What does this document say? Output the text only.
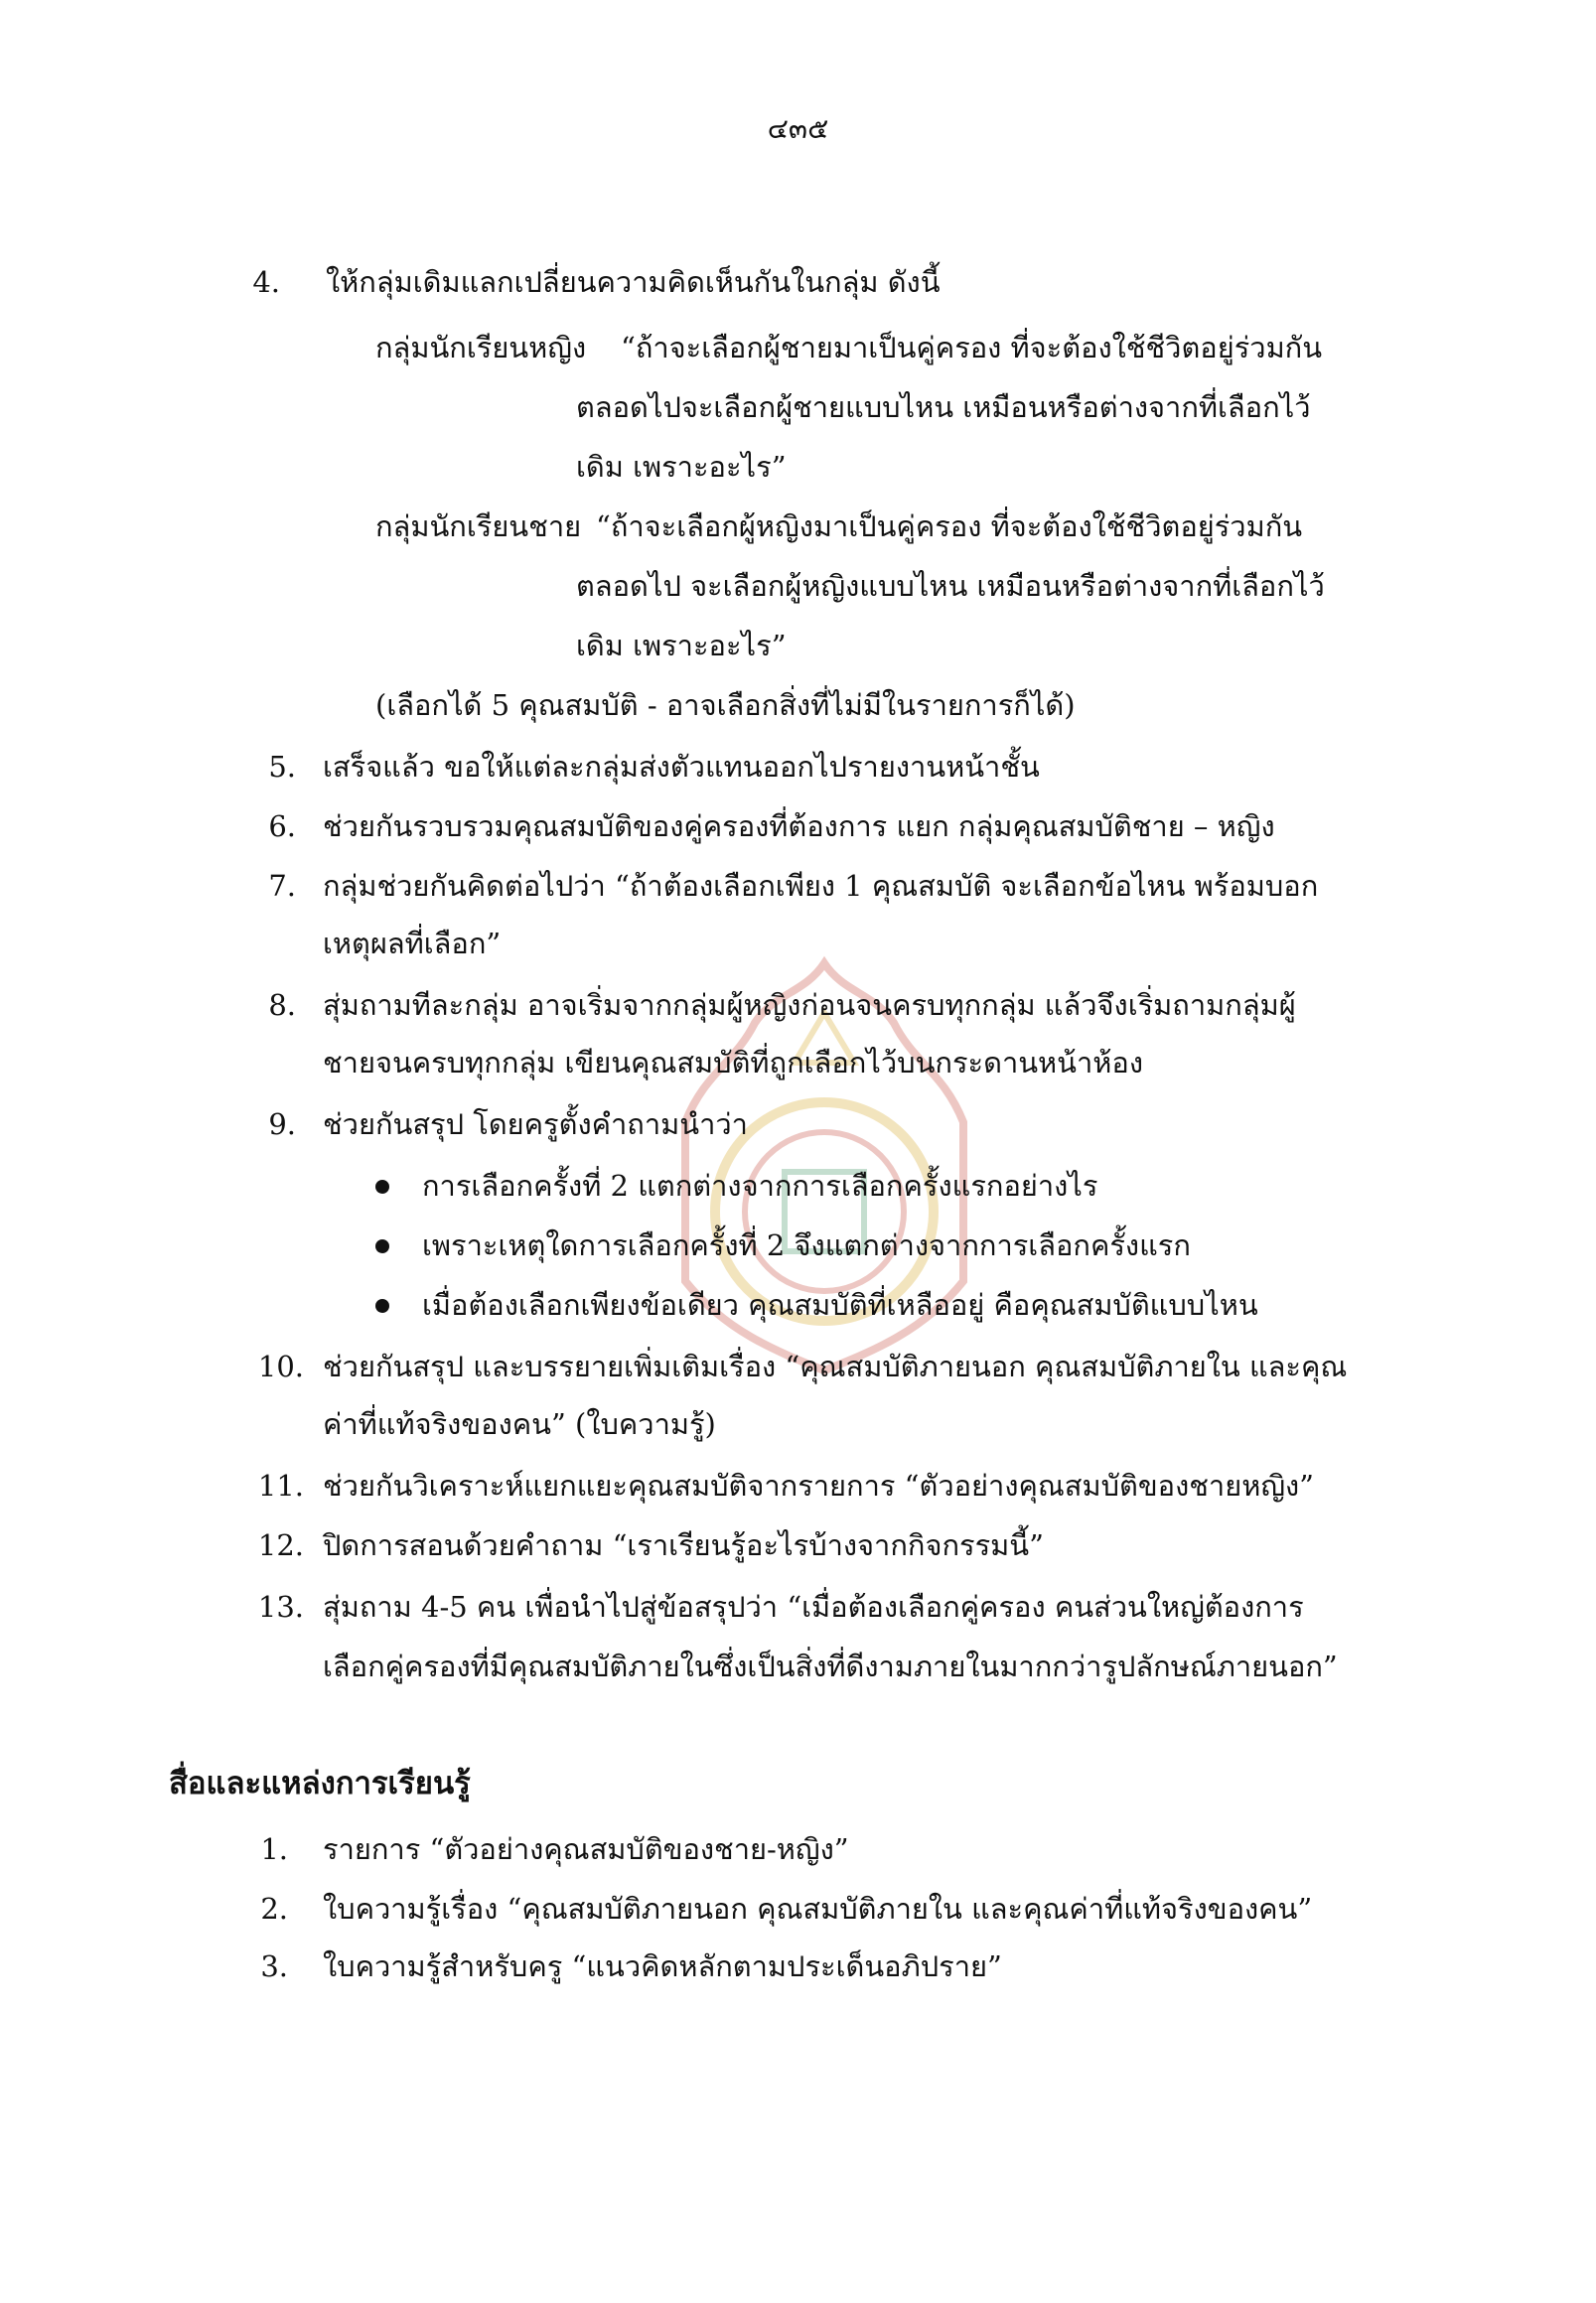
๔๓๕
4. ให้กลุ่มเดิมแลกเปลี่ยนความคิดเห็นกันในกลุ่ม ดังนี้
กลุ่มนักเรียนหญิง “ถ้าจะเลือกผู้ชายมาเป็นคู่ครอง ที่จะต้องใช้ชีวิตอยู่ร่วมกัน
ตลอดไปจะเลือกผู้ชายแบบไหน เหมือนหรือต่างจากที่เลือกไว้
เดิม เพราะอะไร”
กลุ่มนักเรียนชาย “ถ้าจะเลือกผู้หญิงมาเป็นคู่ครอง ที่จะต้องใช้ชีวิตอยู่ร่วมกัน
ตลอดไป จะเลือกผู้หญิงแบบไหน เหมือนหรือต่างจากที่เลือกไว้
เดิม เพราะอะไร”
(เลือกได้ 5 คุณสมบัติ - อาจเลือกสิ่งที่ไม่มีในรายการก็ได้)
5. เสร็จแล้ว ขอให้แต่ละกลุ่มส่งตัวแทนออกไปรายงานหน้าชั้น
6. ช่วยกันรวบรวมคุณสมบัติของคู่ครองที่ต้องการ แยก กลุ่มคุณสมบัติชาย – หญิง
7. กลุ่มช่วยกันคิดต่อไปว่า “ถ้าต้องเลือกเพียง 1 คุณสมบัติ จะเลือกข้อไหน พร้อมบอก
เหตุผลที่เลือก”
8. สุ่มถามทีละกลุ่ม อาจเริ่มจากกลุ่มผู้หญิงก่อนจนครบทุกกลุ่ม แล้วจึงเริ่มถามกลุ่มผู้
ชายจนครบทุกกลุ่ม เขียนคุณสมบัติที่ถูกเลือกไว้บนกระดานหน้าห้อง
9. ช่วยกันสรุป โดยครูตั้งคำถามนำว่า
การเลือกครั้งที่ 2 แตกต่างจากการเลือกครั้งแรกอย่างไร
เพราะเหตุใดการเลือกครั้งที่ 2 จึงแตกต่างจากการเลือกครั้งแรก
เมื่อต้องเลือกเพียงข้อเดียว คุณสมบัติที่เหลืออยู่ คือคุณสมบัติแบบไหน
10. ช่วยกันสรุป และบรรยายเพิ่มเติมเรื่อง “คุณสมบัติภายนอก คุณสมบัติภายใน และคุณ
ค่าที่แท้จริงของคน” (ใบความรู้)
11. ช่วยกันวิเคราะห์แยกแยะคุณสมบัติจากรายการ “ตัวอย่างคุณสมบัติของชายหญิง”
12. ปิดการสอนด้วยคำถาม “เราเรียนรู้อะไรบ้างจากกิจกรรมนี้”
13. สุ่มถาม 4-5 คน เพื่อนำไปสู่ข้อสรุปว่า “เมื่อต้องเลือกคู่ครอง คนส่วนใหญ่ต้องการ
เลือกคู่ครองที่มีคุณสมบัติภายในซึ่งเป็นสิ่งที่ดีงามภายในมากกว่ารูปลักษณ์ภายนอก”
สื่อและแหล่งการเรียนรู้
1. รายการ “ตัวอย่างคุณสมบัติของชาย-หญิง”
2. ใบความรู้เรื่อง “คุณสมบัติภายนอก คุณสมบัติภายใน และคุณค่าที่แท้จริงของคน”
3. ใบความรู้สำหรับครู “แนวคิดหลักตามประเด็นอภิปราย”
